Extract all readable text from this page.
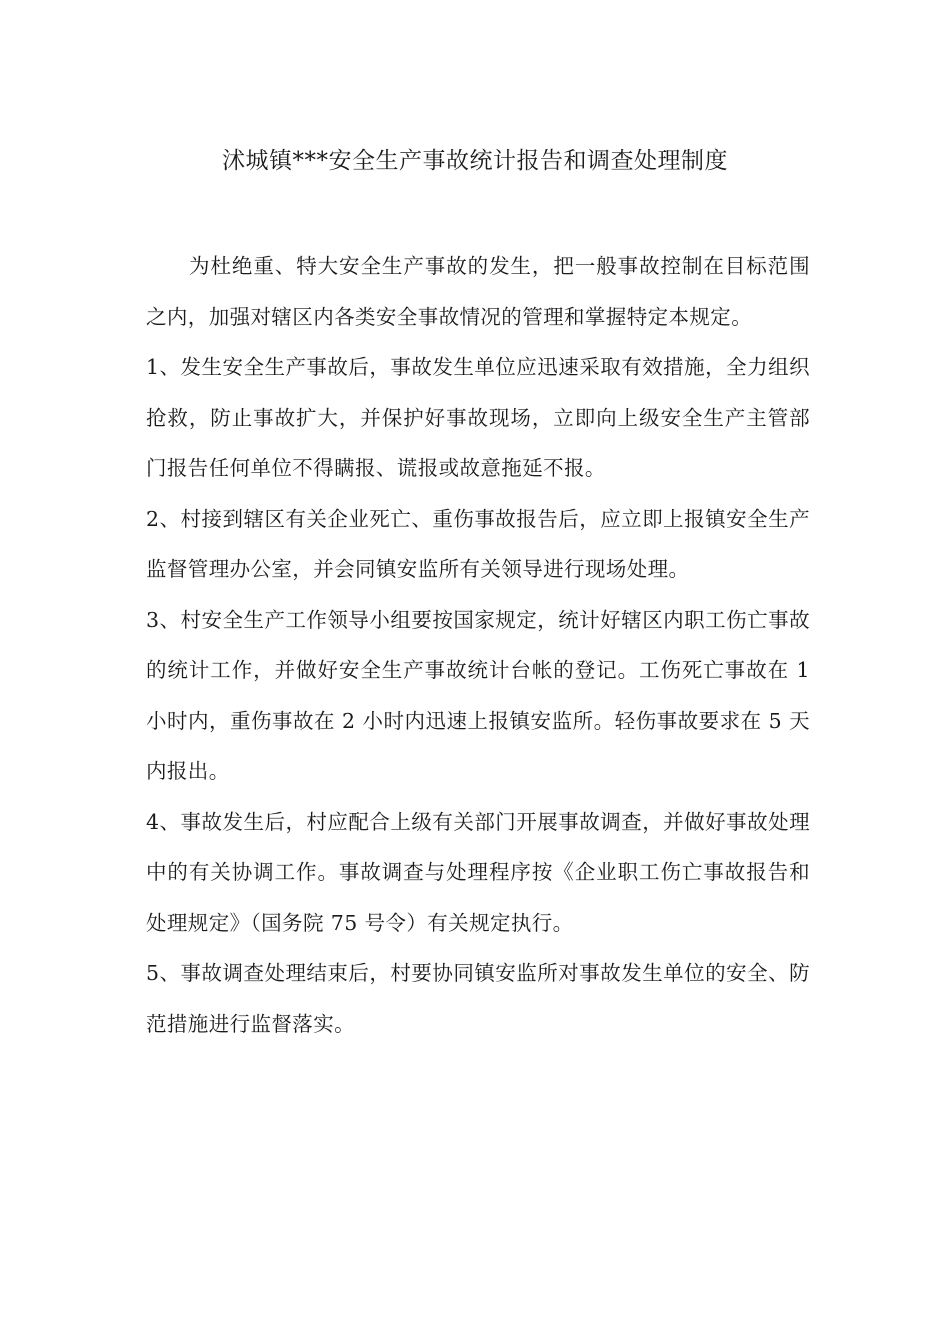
沭城镇***安全生产事故统计报告和调查处理制度

为杜绝重、特大安全生产事故的发生，把一般事故控制在目标范围之内，加强对辖区内各类安全事故情况的管理和掌握特定本规定。

1、发生安全生产事故后，事故发生单位应迅速采取有效措施，全力组织抢救，防止事故扩大，并保护好事故现场，立即向上级安全生产主管部门报告任何单位不得瞒报、谎报或故意拖延不报。

2、村接到辖区有关企业死亡、重伤事故报告后，应立即上报镇安全生产监督管理办公室，并会同镇安监所有关领导进行现场处理。

3、村安全生产工作领导小组要按国家规定，统计好辖区内职工伤亡事故的统计工作，并做好安全生产事故统计台帐的登记。工伤死亡事故在 1 小时内，重伤事故在 2 小时内迅速上报镇安监所。轻伤事故要求在 5 天内报出。

4、事故发生后，村应配合上级有关部门开展事故调查，并做好事故处理中的有关协调工作。事故调查与处理程序按《企业职工伤亡事故报告和处理规定》（国务院 75 号令）有关规定执行。

5、事故调查处理结束后，村要协同镇安监所对事故发生单位的安全、防范措施进行监督落实。
